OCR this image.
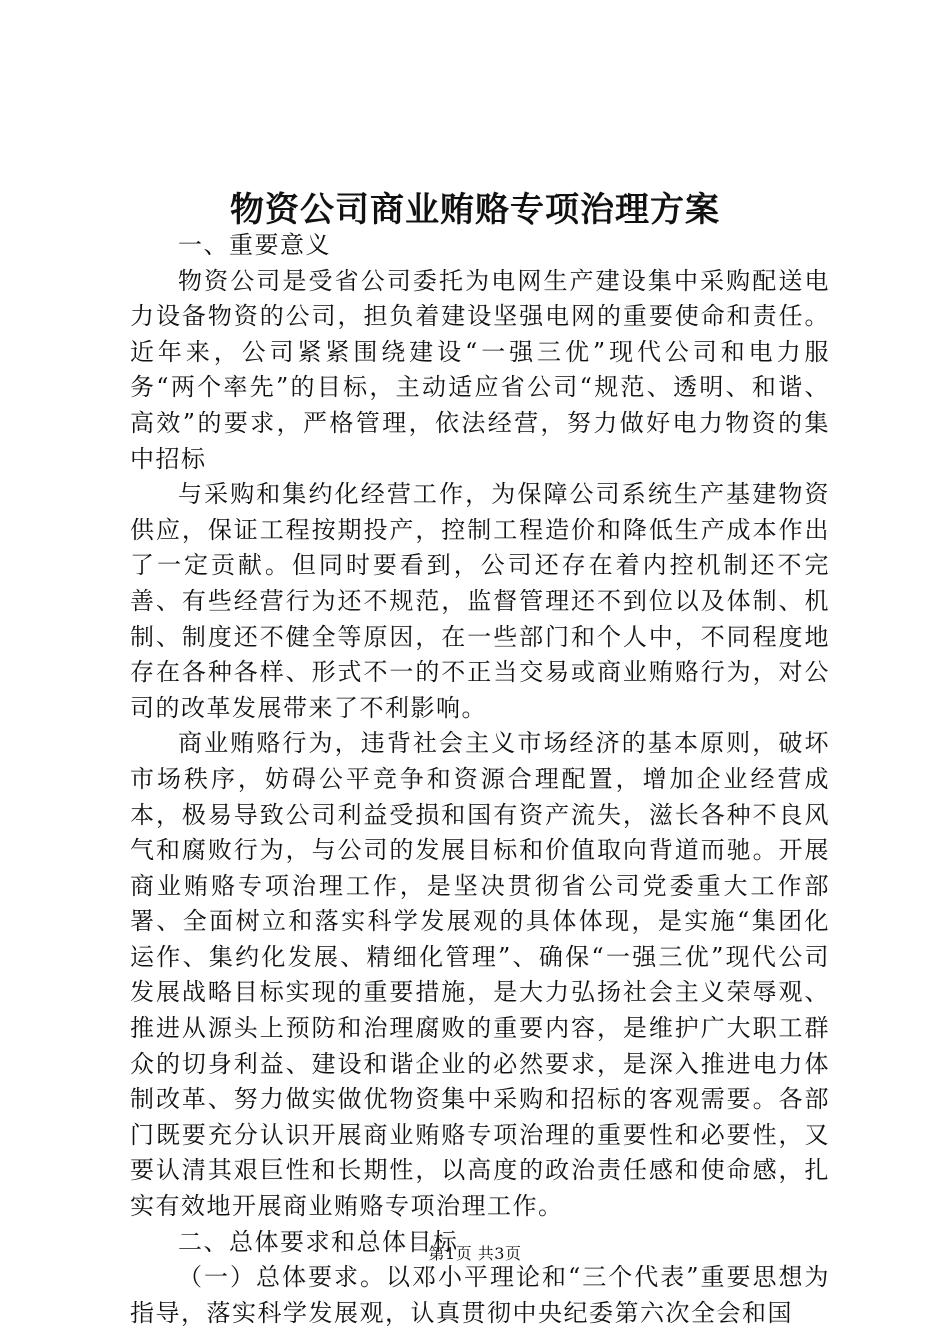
物资公司商业贿赂专项治理方案

一、重要意义

物资公司是受省公司委托为电网生产建设集中采购配送电力设备物资的公司，担负着建设坚强电网的重要使命和责任。近年来，公司紧紧围绕建设“一强三优”现代公司和电力服务“两个率先”的目标，主动适应省公司“规范、透明、和谐、高效”的要求，严格管理，依法经营，努力做好电力物资的集中招标

与采购和集约化经营工作，为保障公司系统生产基建物资供应，保证工程按期投产，控制工程造价和降低生产成本作出了一定贡献。但同时要看到，公司还存在着内控机制还不完善、有些经营行为还不规范，监督管理还不到位以及体制、机制、制度还不健全等原因，在一些部门和个人中，不同程度地存在各种各样、形式不一的不正当交易或商业贿赂行为，对公司的改革发展带来了不利影响。

商业贿赂行为，违背社会主义市场经济的基本原则，破坏市场秩序，妨碍公平竞争和资源合理配置，增加企业经营成本，极易导致公司利益受损和国有资产流失，滋长各种不良风气和腐败行为，与公司的发展目标和价值取向背道而驰。开展商业贿赂专项治理工作，是坚决贯彻省公司党委重大工作部署、全面树立和落实科学发展观的具体体现，是实施“集团化运作、集约化发展、精细化管理”、确保“一强三优”现代公司发展战略目标实现的重要措施，是大力弘扬社会主义荣辱观、推进从源头上预防和治理腐败的重要内容，是维护广大职工群众的切身利益、建设和谐企业的必然要求，是深入推进电力体制改革、努力做实做优物资集中采购和招标的客观需要。各部门既要充分认识开展商业贿赂专项治理的重要性和必要性，又要认清其艰巨性和长期性，以高度的政治责任感和使命感，扎实有效地开展商业贿赂专项治理工作。

二、总体要求和总体目标

（一）总体要求。以邓小平理论和“三个代表”重要思想为指导，落实科学发展观，认真贯彻中央纪委第六次全会和国

第1页 共3页
